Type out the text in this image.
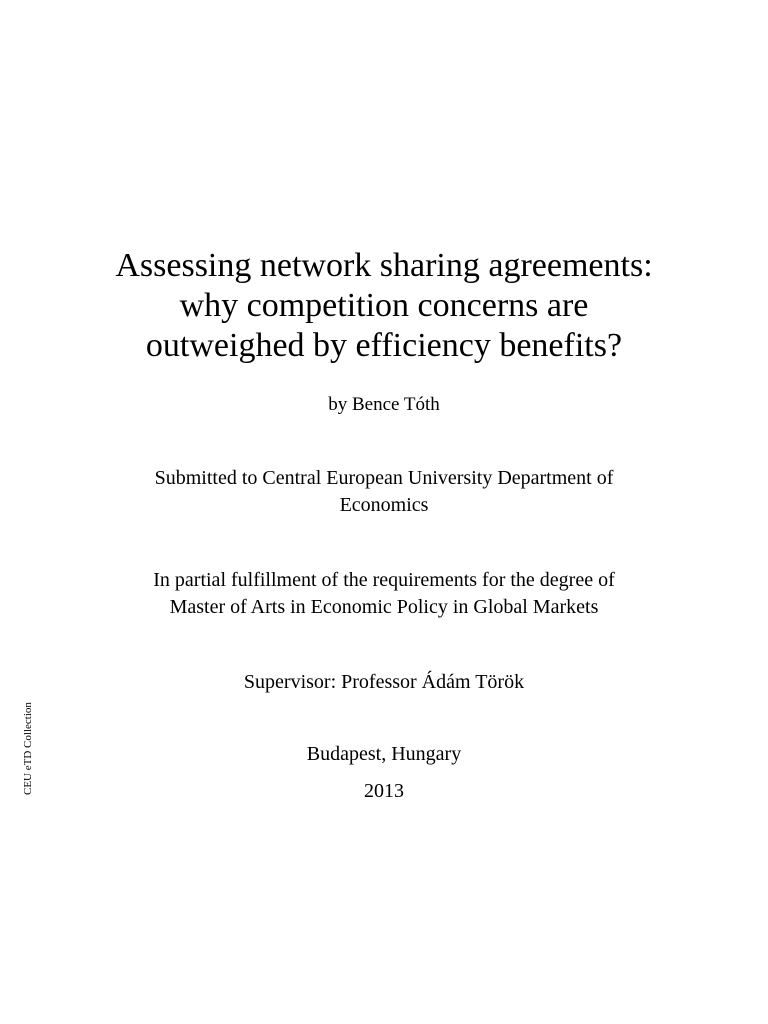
Assessing network sharing agreements:
why competition concerns are
outweighed by efficiency benefits?
by Bence Tóth
Submitted to Central European University Department of
Economics
In partial fulfillment of the requirements for the degree of
Master of Arts in Economic Policy in Global Markets
Supervisor: Professor Ádám Török
Budapest, Hungary
2013
CEU eTD Collection
